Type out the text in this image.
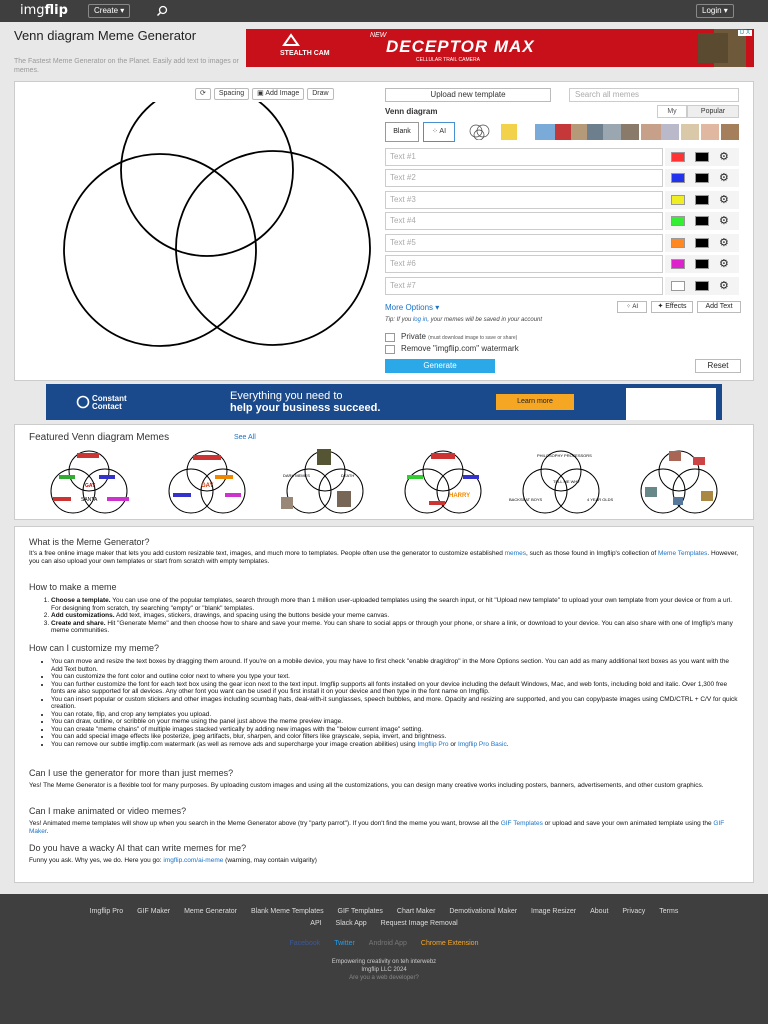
imgflip	Create ▾	Login ▾
Venn diagram Meme Generator
The Fastest Meme Generator on the Planet. Easily add text to images or memes.
STEALTH CAM
NEW
DECEPTOR MAX
CELLULAR TRAIL CAMERA
D X
⟳	Spacing	▣ Add Image	Draw	Upload new template	Search all memes
Venn diagram	My	Popular
Blank	⁘ AI
Text #1	⚙
Text #2	⚙
Text #3	⚙
Text #4	⚙
Text #5	⚙
Text #6	⚙
Text #7	⚙
More Options ▾	⁘ AI	✦ Effects	Add Text
Tip: If you log in, your memes will be saved in your account
Private (must download image to save or share)
Remove "imgflip.com" watermark
Generate	Reset
Constant
Contact
Everything you need to
help your business succeed.
Learn more
Featured Venn diagram Memes	See All
SANTA
GAY	GAY
DARK MEMES	DEATH
HARRY
PHILOSOPHY PROFESSORS
BACKSEAT BOYS
TELL ME WHY
4 YEAR OLDS
What is the Meme Generator?

It's a free online image maker that lets you add custom resizable text, images, and much more to templates. People often use the generator to customize established memes, such as those found in Imgflip's collection of Meme Templates. However, you can also upload your own templates or start from scratch with empty templates.

How to make a meme
1. Choose a template. You can use one of the popular templates, search through more than 1 million user-uploaded templates using the search input, or hit "Upload new template" to upload your own template from your device or from a url. For designing from scratch, try searching "empty" or "blank" templates.
2. Add customizations. Add text, images, stickers, drawings, and spacing using the buttons beside your meme canvas.
3. Create and share. Hit "Generate Meme" and then choose how to share and save your meme. You can share to social apps or through your phone, or share a link, or download to your device. You can also share with one of Imgflip's many meme communities.
How can I customize my meme?
• You can move and resize the text boxes by dragging them around. If you're on a mobile device, you may have to first check "enable drag/drop" in the More Options section. You can add as many additional text boxes as you want with the Add Text button.
• You can customize the font color and outline color next to where you type your text.
• You can further customize the font for each text box using the gear icon next to the text input. Imgflip supports all fonts installed on your device including the default Windows, Mac, and web fonts, including bold and italic. Over 1,300 free fonts are also supported for all devices. Any other font you want can be used if you first install it on your device and then type in the font name on Imgflip.
• You can insert popular or custom stickers and other images including scumbag hats, deal-with-it sunglasses, speech bubbles, and more. Opacity and resizing are supported, and you can copy/paste images using CMD/CTRL + C/V for quick creation.
• You can rotate, flip, and crop any templates you upload.
• You can draw, outline, or scribble on your meme using the panel just above the meme preview image.
• You can create "meme chains" of multiple images stacked vertically by adding new images with the "below current image" setting.
• You can add special image effects like posterize, jpeg artifacts, blur, sharpen, and color filters like grayscale, sepia, invert, and brightness.
• You can remove our subtle imgflip.com watermark (as well as remove ads and supercharge your image creation abilities) using Imgflip Pro or Imgflip Pro Basic.
Can I use the generator for more than just memes?

Yes! The Meme Generator is a flexible tool for many purposes. By uploading custom images and using all the customizations, you can design many creative works including posters, banners, advertisements, and other custom graphics.

Can I make animated or video memes?

Yes! Animated meme templates will show up when you search in the Meme Generator above (try "party parrot"). If you don't find the meme you want, browse all the GIF Templates or upload and save your own animated template using the GIF Maker.

Do you have a wacky AI that can write memes for me?

Funny you ask. Why yes, we do. Here you go: imgflip.com/ai-meme (warning, may contain vulgarity)

Imgflip Pro GIF Maker Meme Generator Blank Meme Templates GIF Templates Chart Maker Demotivational Maker Image Resizer About Privacy Terms
API Slack App Request Image Removal
Facebook Twitter Android App Chrome Extension
Empowering creativity on teh interwebz
Imgflip LLC 2024
Are you a web developer?
